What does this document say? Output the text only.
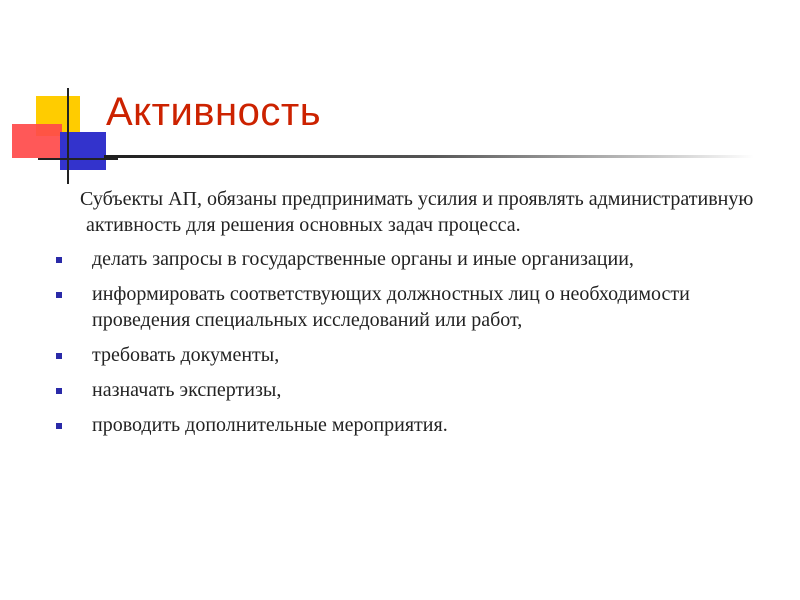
Активность

Субъекты АП, обязаны предпринимать усилия и проявлять административную активность для решения основных задач процесса.

делать запросы в государственные органы и иные организации,
информировать соответствующих должностных лиц о необходимости проведения специальных исследований или работ,
требовать документы,
назначать экспертизы,
проводить дополнительные мероприятия.
